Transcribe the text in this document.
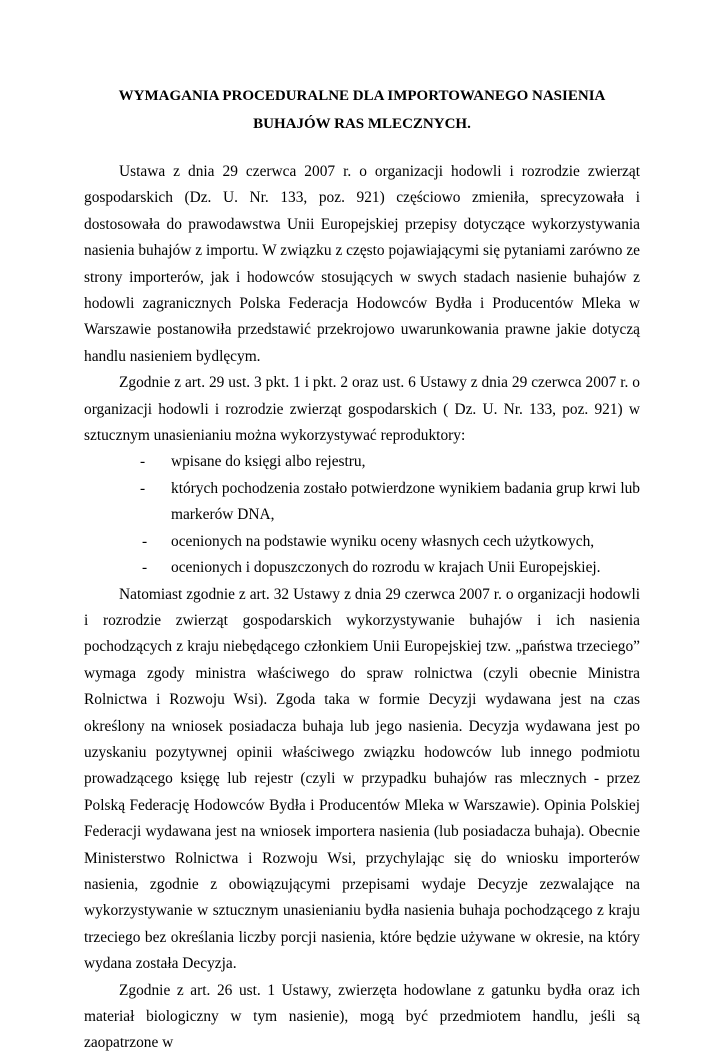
WYMAGANIA PROCEDURALNE DLA IMPORTOWANEGO NASIENIA
BUHAJÓW RAS MLECZNYCH.

Ustawa z dnia 29 czerwca 2007 r. o organizacji hodowli i rozrodzie zwierząt gospodarskich (Dz. U. Nr. 133, poz. 921) częściowo zmieniła, sprecyzowała i dostosowała do prawodawstwa Unii Europejskiej przepisy dotyczące wykorzystywania nasienia buhajów z importu. W związku z często pojawiającymi się pytaniami zarówno ze strony importerów, jak i hodowców stosujących w swych stadach nasienie buhajów z hodowli zagranicznych Polska Federacja Hodowców Bydła i Producentów Mleka w Warszawie postanowiła przedstawić przekrojowo uwarunkowania prawne jakie dotyczą handlu nasieniem bydlęcym.

Zgodnie z art. 29 ust. 3 pkt. 1 i pkt. 2 oraz ust. 6 Ustawy z dnia 29 czerwca 2007 r. o organizacji hodowli i rozrodzie zwierząt gospodarskich ( Dz. U. Nr. 133, poz. 921) w sztucznym unasienianiu można wykorzystywać reproduktory:

- wpisane do księgi albo rejestru,
- których pochodzenia zostało potwierdzone wynikiem badania grup krwi lub markerów DNA,
- ocenionych na podstawie wyniku oceny własnych cech użytkowych,
- ocenionych i dopuszczonych do rozrodu w krajach Unii Europejskiej.

Natomiast zgodnie z art. 32 Ustawy z dnia 29 czerwca 2007 r. o organizacji hodowli i rozrodzie zwierząt gospodarskich wykorzystywanie buhajów i ich nasienia pochodzących z kraju niebędącego członkiem Unii Europejskiej tzw. „państwa trzeciego” wymaga zgody ministra właściwego do spraw rolnictwa (czyli obecnie Ministra Rolnictwa i Rozwoju Wsi). Zgoda taka w formie Decyzji wydawana jest na czas określony na wniosek posiadacza buhaja lub jego nasienia. Decyzja wydawana jest po uzyskaniu pozytywnej opinii właściwego związku hodowców lub innego podmiotu prowadzącego księgę lub rejestr (czyli w przypadku buhajów ras mlecznych - przez Polską Federację Hodowców Bydła i Producentów Mleka w Warszawie). Opinia Polskiej Federacji wydawana jest na wniosek importera nasienia (lub posiadacza buhaja). Obecnie Ministerstwo Rolnictwa i Rozwoju Wsi, przychylając się do wniosku importerów nasienia, zgodnie z obowiązującymi przepisami wydaje Decyzje zezwalające na wykorzystywanie w sztucznym unasienianiu bydła nasienia buhaja pochodzącego z kraju trzeciego bez określania liczby porcji nasienia, które będzie używane w okresie, na który wydana została Decyzja.

Zgodnie z art. 26 ust. 1 Ustawy, zwierzęta hodowlane z gatunku bydła oraz ich materiał biologiczny w tym nasienie), mogą być przedmiotem handlu, jeśli są zaopatrzone w
